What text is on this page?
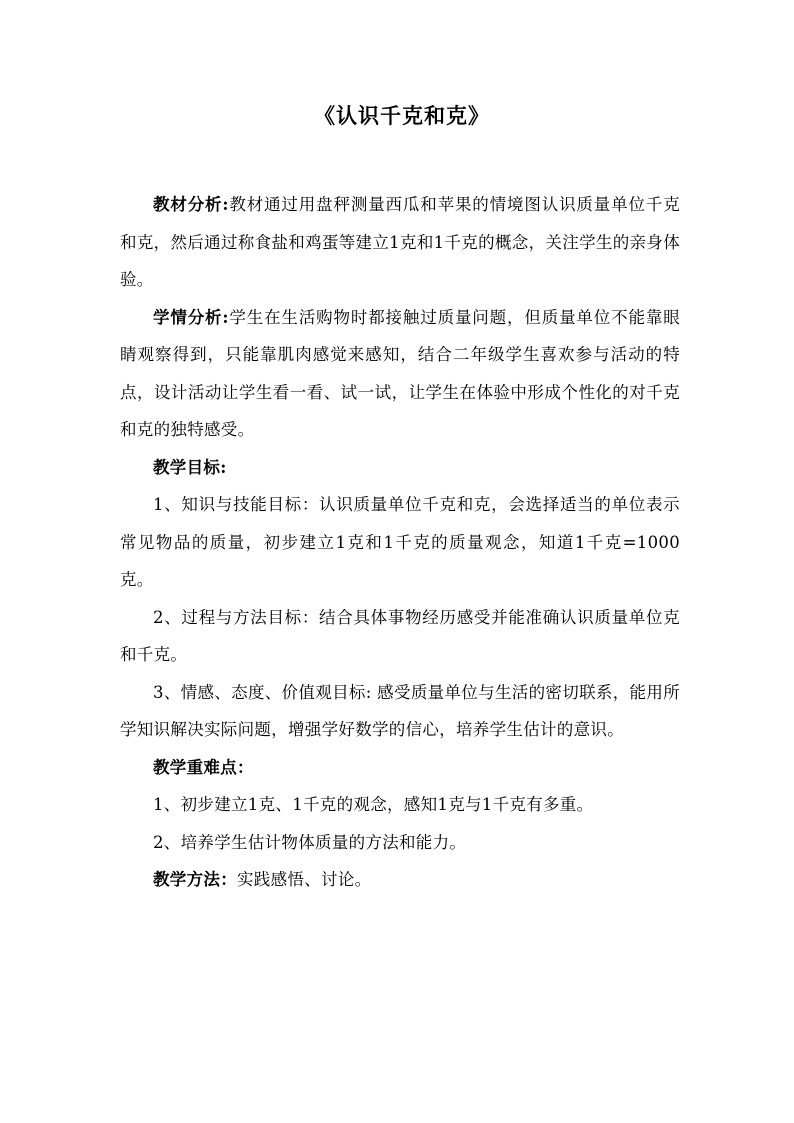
《认识千克和克》

教材分析:教材通过用盘秤测量西瓜和苹果的情境图认识质量单位千克和克，然后通过称食盐和鸡蛋等建立1克和1千克的概念，关注学生的亲身体验。

学情分析:学生在生活购物时都接触过质量问题，但质量单位不能靠眼睛观察得到，只能靠肌肉感觉来感知，结合二年级学生喜欢参与活动的特点，设计活动让学生看一看、试一试，让学生在体验中形成个性化的对千克和克的独特感受。

教学目标:

1、知识与技能目标：认识质量单位千克和克，会选择适当的单位表示常见物品的质量，初步建立1克和1千克的质量观念，知道1千克=1000克。

2、过程与方法目标：结合具体事物经历感受并能准确认识质量单位克和千克。

3、情感、态度、价值观目标: 感受质量单位与生活的密切联系，能用所学知识解决实际问题，增强学好数学的信心，培养学生估计的意识。

教学重难点：

1、初步建立1克、1千克的观念，感知1克与1千克有多重。

2、培养学生估计物体质量的方法和能力。

教学方法：实践感悟、讨论。
